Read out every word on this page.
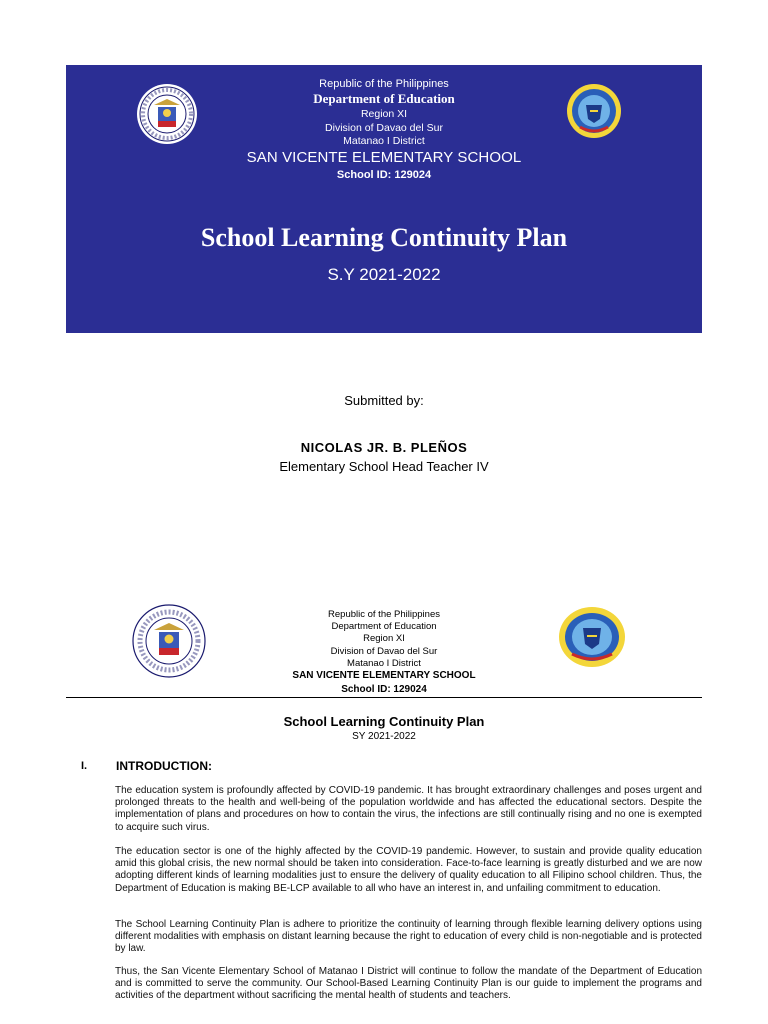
Republic of the Philippines
Department of Education
Region XI
Division of Davao del Sur
Matanao I District
SAN VICENTE ELEMENTARY SCHOOL
School ID: 129024
School Learning Continuity Plan
S.Y 2021-2022
Submitted by:
NICOLAS JR. B. PLEÑOS
Elementary School Head Teacher IV
Republic of the Philippines
Department of Education
Region XI
Division of Davao del Sur
Matanao I District
SAN VICENTE ELEMENTARY SCHOOL
School ID: 129024
School Learning Continuity Plan
SY 2021-2022
I. INTRODUCTION:

The education system is profoundly affected by COVID-19 pandemic. It has brought extraordinary challenges and poses urgent and prolonged threats to the health and well-being of the population worldwide and has affected the educational sectors. Despite the implementation of plans and procedures on how to contain the virus, the infections are still continually rising and no one is exempted to acquire such virus.

The education sector is one of the highly affected by the COVID-19 pandemic. However, to sustain and provide quality education amid this global crisis, the new normal should be taken into consideration. Face-to-face learning is greatly disturbed and we are now adopting different kinds of learning modalities just to ensure the delivery of quality education to all Filipino school children. Thus, the Department of Education is making BE-LCP available to all who have an interest in, and unfailing commitment to education.

The School Learning Continuity Plan is adhere to prioritize the continuity of learning through flexible learning delivery options using different modalities with emphasis on distant learning because the right to education of every child is non-negotiable and is protected by law.

Thus, the San Vicente Elementary School of Matanao I District will continue to follow the mandate of the Department of Education and is committed to serve the community. Our School-Based Learning Continuity Plan is our guide to implement the programs and activities of the department without sacrificing the mental health of students and teachers.
